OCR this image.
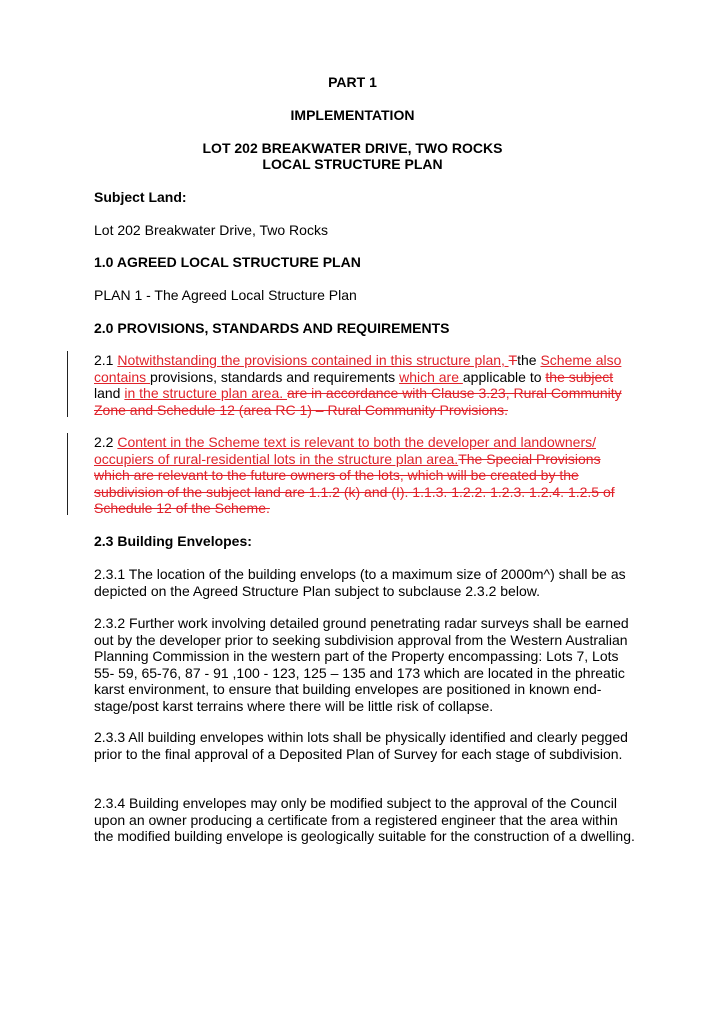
PART 1
IMPLEMENTATION
LOT 202 BREAKWATER DRIVE, TWO ROCKS
LOCAL STRUCTURE PLAN
Subject Land:
Lot 202 Breakwater Drive, Two Rocks
1.0 AGREED LOCAL STRUCTURE PLAN
PLAN 1 - The Agreed Local Structure Plan
2.0 PROVISIONS, STANDARDS AND REQUIREMENTS

2.1 Notwithstanding the provisions contained in this structure plan, Tthe Scheme also contains provisions, standards and requirements which are applicable to the subject land in the structure plan area. are in accordance with Clause 3.23, Rural Community Zone and Schedule 12 (area RC 1) – Rural Community Provisions.

2.2 Content in the Scheme text is relevant to both the developer and landowners/ occupiers of rural-residential lots in the structure plan area.The Special Provisions which are relevant to the future owners of the lots, which will be created by the subdivision of the subject land are 1.1.2 (k) and (I). 1.1.3. 1.2.2. 1.2.3. 1.2.4. 1.2.5 of Schedule 12 of the Scheme.

2.3 Building Envelopes:

2.3.1 The location of the building envelops (to a maximum size of 2000m^) shall be as depicted on the Agreed Structure Plan subject to subclause 2.3.2 below.

2.3.2 Further work involving detailed ground penetrating radar surveys shall be earned out by the developer prior to seeking subdivision approval from the Western Australian Planning Commission in the western part of the Property encompassing: Lots 7, Lots 55- 59, 65-76, 87 - 91 ,100 - 123, 125 – 135 and 173 which are located in the phreatic karst environment, to ensure that building envelopes are positioned in known end-stage/post karst terrains where there will be little risk of collapse.

2.3.3 All building envelopes within lots shall be physically identified and clearly pegged prior to the final approval of a Deposited Plan of Survey for each stage of subdivision.

2.3.4 Building envelopes may only be modified subject to the approval of the Council upon an owner producing a certificate from a registered engineer that the area within the modified building envelope is geologically suitable for the construction of a dwelling.
